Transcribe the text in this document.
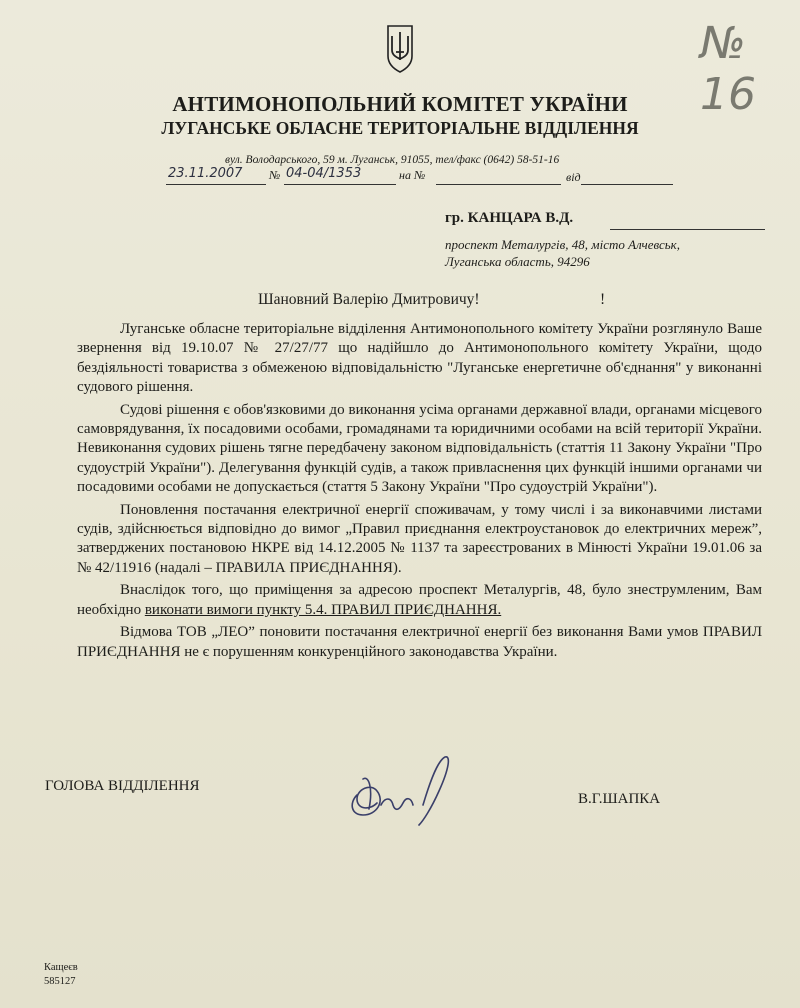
№ 16
АНТИМОНОПОЛЬНИЙ КОМІТЕТ УКРАЇНИ
ЛУГАНСЬКЕ ОБЛАСНЕ ТЕРИТОРІАЛЬНЕ ВІДДІЛЕННЯ
вул. Володарського, 59 м. Луганськ, 91055, тел/факс (0642) 58-51-16
23.11.2007 № 04-04/1353	на №	від
гр. КАНЦАРА В.Д.
проспект Металургів, 48, місто Алчевськ,
Луганська область, 94296
Шановний Валерію Дмитровичу!	!

Луганське обласне територіальне відділення Антимонопольного комітету України розглянуло Ваше звернення від 19.10.07 № 27/27/77 що надійшло до Антимонопольного комітету України, щодо бездіяльності товариства з обмеженою відповідальністю "Луганське енергетичне об'єднання" у виконанні судового рішення.

Судові рішення є обов'язковими до виконання усіма органами державної влади, органами місцевого самоврядування, їх посадовими особами, громадянами та юридичними особами на всій території України. Невиконання судових рішень тягне передбачену законом відповідальність (статтія 11 Закону України "Про судоустрій України"). Делегування функцій судів, а також привласнення цих функцій іншими органами чи посадовими особами не допускається (стаття 5 Закону України "Про судоустрій України").

Поновлення постачання електричної енергії споживачам, у тому числі і за виконавчими листами судів, здійснюється відповідно до вимог „Правил приєднання електроустановок до електричних мереж”, затверджених постановою НКРЕ від 14.12.2005 № 1137 та зареєстрованих в Мінюсті України 19.01.06 за № 42/11916 (надалі – ПРАВИЛА ПРИЄДНАННЯ).

Внаслідок того, що приміщення за адресою проспект Металургів, 48, було знеструмленим, Вам необхідно виконати вимоги пункту 5.4. ПРАВИЛ ПРИЄДНАННЯ.

Відмова ТОВ „ЛЕО” поновити постачання електричної енергії без виконання Вами умов ПРАВИЛ ПРИЄДНАННЯ не є порушенням конкуренційного законодавства України.

ГОЛОВА ВІДДІЛЕННЯ
В.Г.ШАПКА
Кащеєв
585127
